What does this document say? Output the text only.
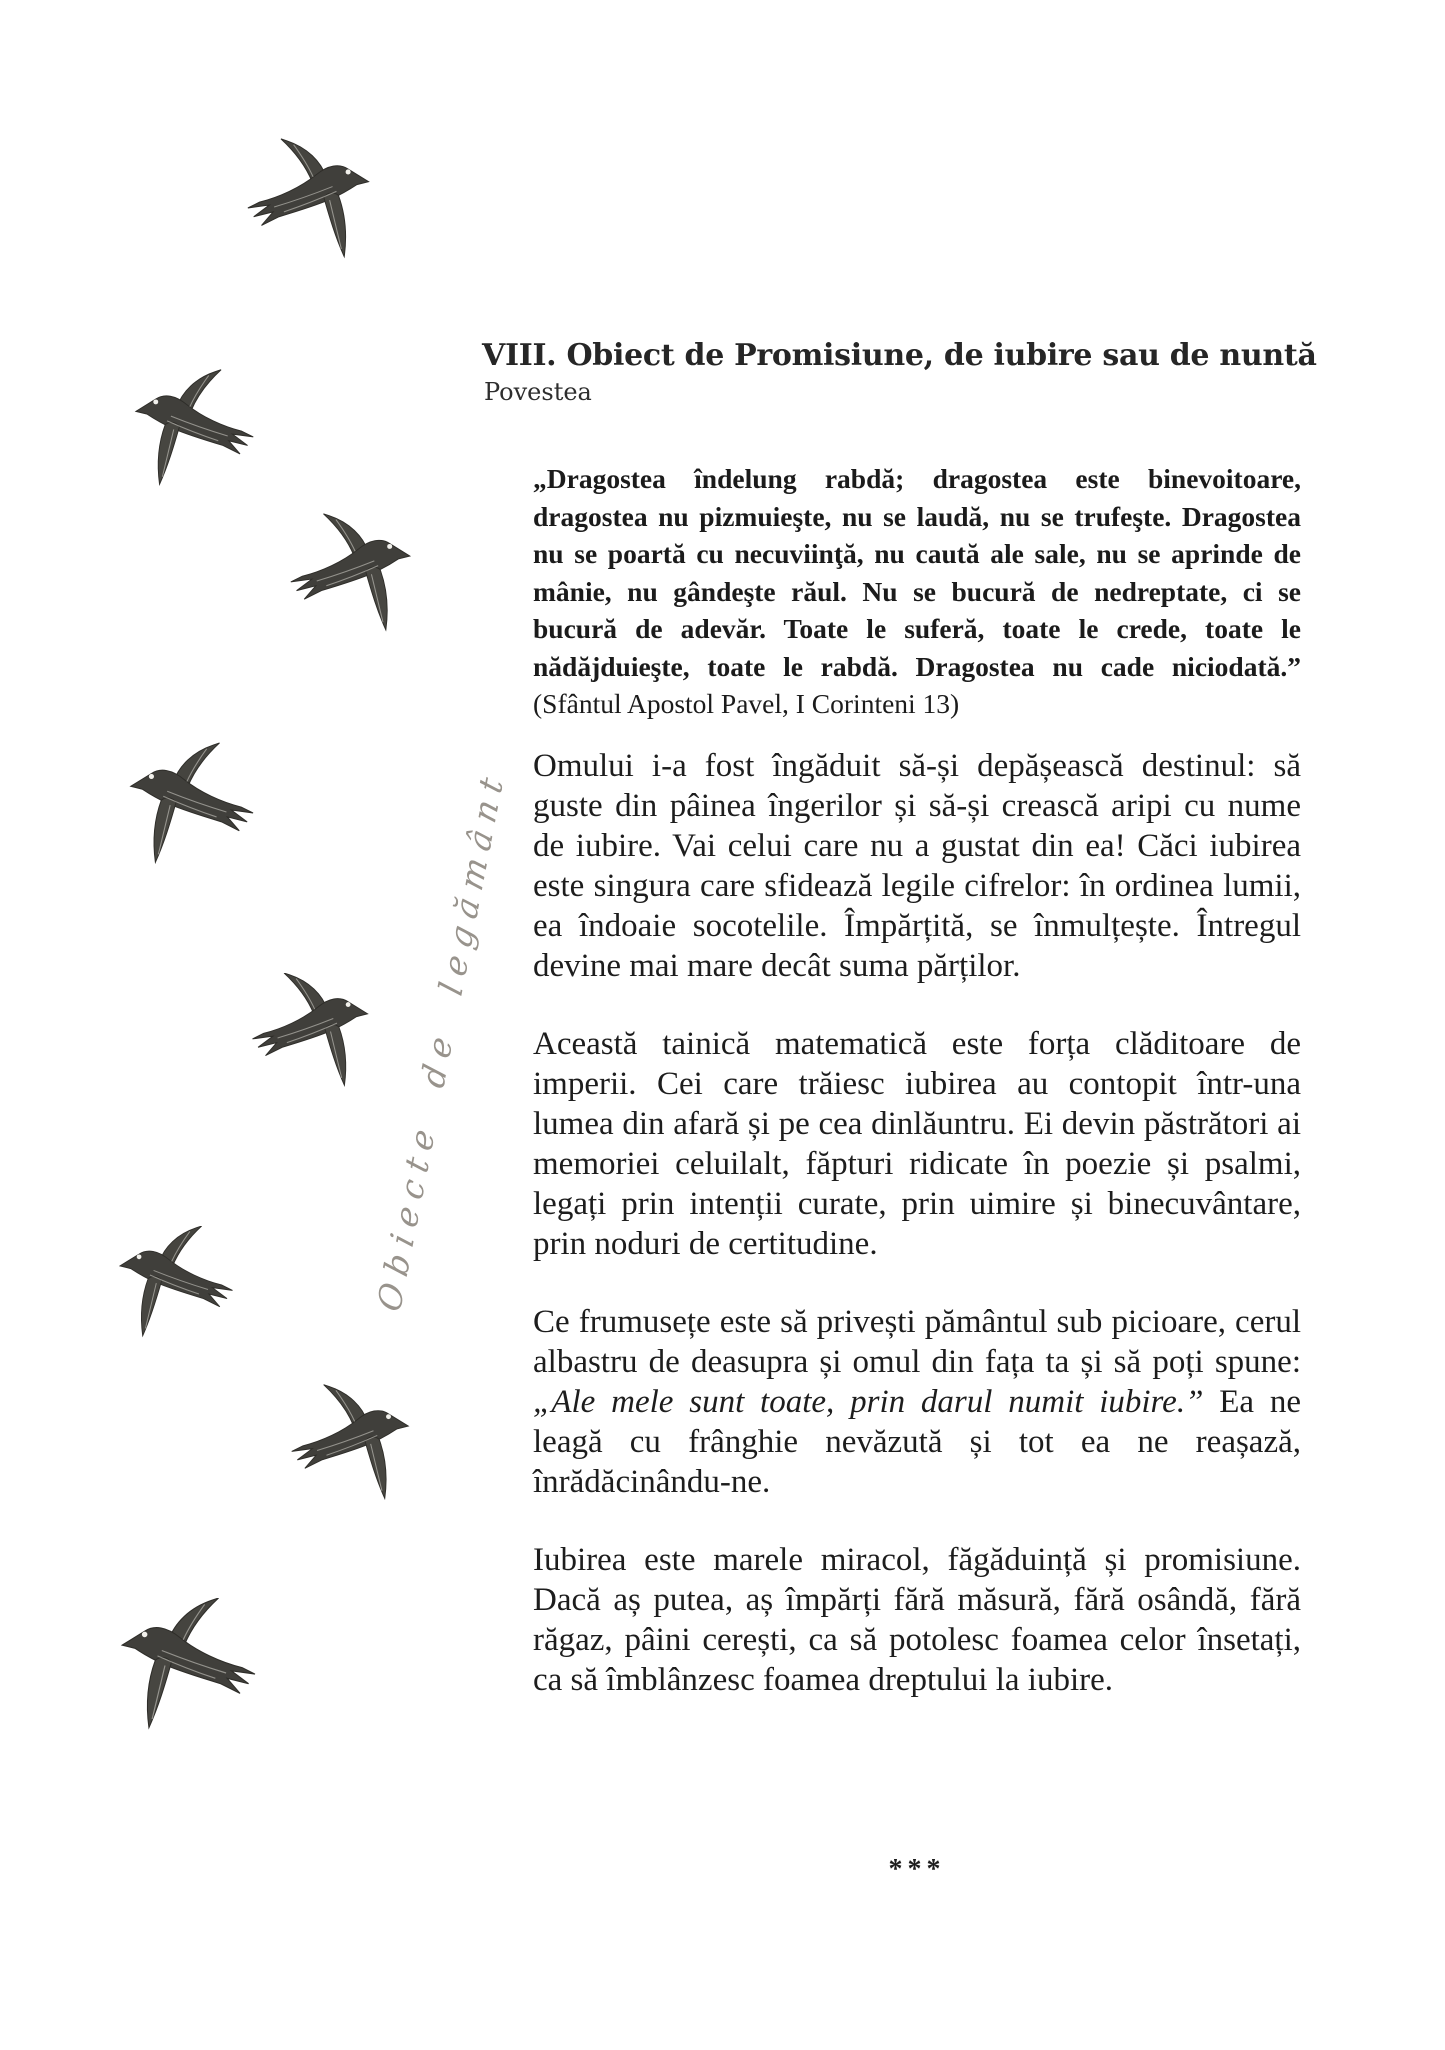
Obiecte de legământ
VIII. Obiect de Promisiune, de iubire sau de nuntă
Povestea
„Dragostea îndelung rabdă; dragostea este binevoitoare, dragostea nu pizmuieşte, nu se laudă, nu se trufeşte. Dragostea nu se poartă cu necuviinţă, nu caută ale sale, nu se aprinde de mânie, nu gândeşte răul. Nu se bucură de nedreptate, ci se bucură de adevăr. Toate le suferă, toate le crede, toate le nădăjduieşte, toate le rabdă. Dragostea nu cade niciodată.” (Sfântul Apostol Pavel, I Corinteni 13)

Omului i-a fost îngăduit să-și depășească destinul: să guste din pâinea îngerilor și să-și crească aripi cu nume de iubire. Vai celui care nu a gustat din ea! Căci iubirea este singura care sfidează legile cifrelor: în ordinea lumii, ea îndoaie socotelile. Împărțită, se înmulțește. Întregul devine mai mare decât suma părților.

Această tainică matematică este forța clăditoare de imperii. Cei care trăiesc iubirea au contopit într-una lumea din afară și pe cea dinlăuntru. Ei devin păstrători ai memoriei celuilalt, făpturi ridicate în poezie și psalmi, legați prin intenții curate, prin uimire și binecuvântare, prin noduri de certitudine.

Ce frumusețe este să privești pământul sub picioare, cerul albastru de deasupra și omul din fața ta și să poți spune: „Ale mele sunt toate, prin darul numit iubire.” Ea ne leagă cu frânghie nevăzută și tot ea ne reașază, înrădăcinându-ne.

Iubirea este marele miracol, făgăduință și promisiune. Dacă aș putea, aș împărți fără măsură, fără osândă, fără răgaz, pâini cerești, ca să potolesc foamea celor însetați, ca să îmblânzesc foamea dreptului la iubire.

***
